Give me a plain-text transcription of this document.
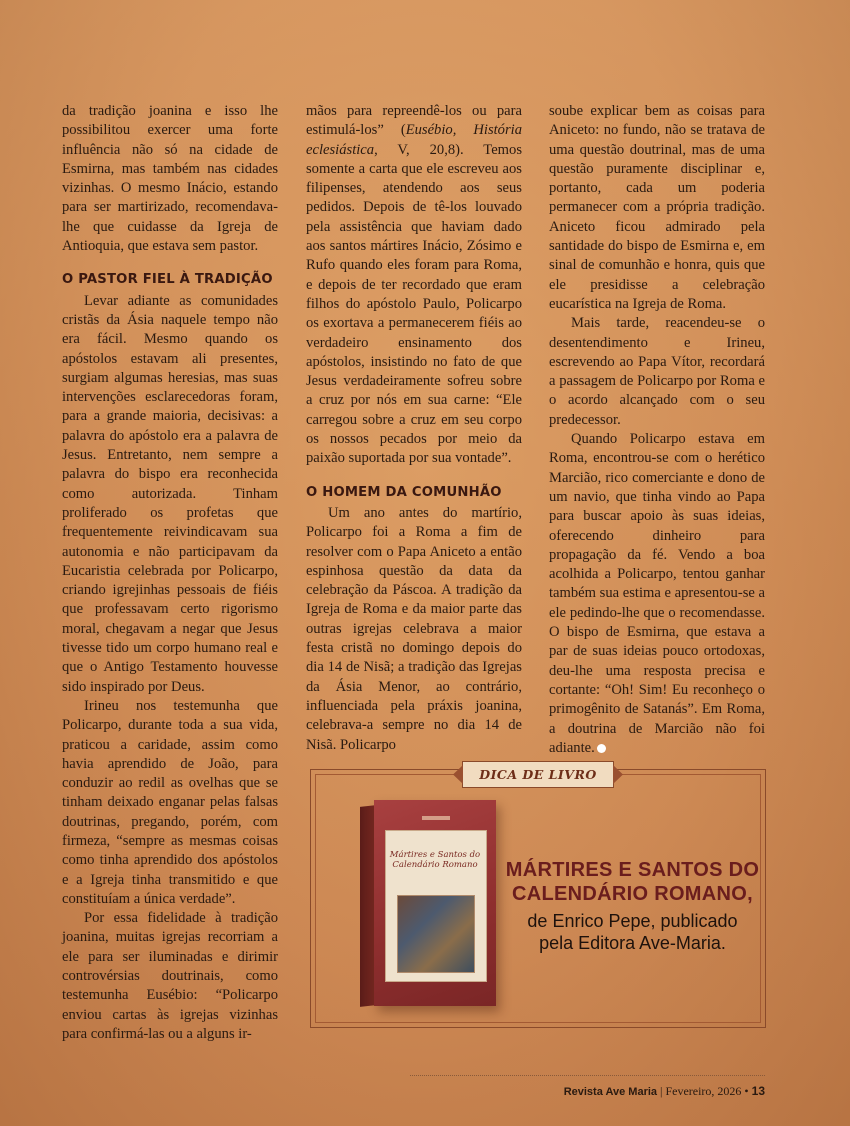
da tradição joanina e isso lhe possibilitou exercer uma forte influência não só na cidade de Esmirna, mas também nas cidades vizinhas. O mesmo Inácio, estando para ser martirizado, recomendava-lhe que cuidasse da Igreja de Antioquia, que estava sem pastor.

O PASTOR FIEL À TRADIÇÃO

Levar adiante as comunidades cristãs da Ásia naquele tempo não era fácil. Mesmo quando os apóstolos estavam ali presentes, surgiam algumas heresias, mas suas intervenções esclarecedoras foram, para a grande maioria, decisivas: a palavra do apóstolo era a palavra de Jesus. Entretanto, nem sempre a palavra do bispo era reconhecida como autorizada. Tinham proliferado os profetas que frequentemente reivindicavam sua autonomia e não participavam da Eucaristia celebrada por Policarpo, criando igrejinhas pessoais de fiéis que professavam certo rigorismo moral, chegavam a negar que Jesus tivesse tido um corpo humano real e que o Antigo Testamento houvesse sido inspirado por Deus.

Irineu nos testemunha que Policarpo, durante toda a sua vida, praticou a caridade, assim como havia aprendido de João, para conduzir ao redil as ovelhas que se tinham deixado enganar pelas falsas doutrinas, pregando, porém, com firmeza, “sempre as mesmas coisas como tinha aprendido dos apóstolos e a Igreja tinha transmitido e que constituíam a única verdade”.

Por essa fidelidade à tradição joanina, muitas igrejas recorriam a ele para ser iluminadas e dirimir controvérsias doutrinais, como testemunha Eusébio: “Policarpo enviou cartas às igrejas vizinhas para confirmá-las ou a alguns ir-

mãos para repreendê-los ou para estimulá-los” (Eusébio, História eclesiástica, V, 20,8). Temos somente a carta que ele escreveu aos filipenses, atendendo aos seus pedidos. Depois de tê-los louvado pela assistência que haviam dado aos santos mártires Inácio, Zósimo e Rufo quando eles foram para Roma, e depois de ter recordado que eram filhos do apóstolo Paulo, Policarpo os exortava a permanecerem fiéis ao verdadeiro ensinamento dos apóstolos, insistindo no fato de que Jesus verdadeiramente sofreu sobre a cruz por nós em sua carne: “Ele carregou sobre a cruz em seu corpo os nossos pecados por meio da paixão suportada por sua vontade”.

O HOMEM DA COMUNHÃO

Um ano antes do martírio, Policarpo foi a Roma a fim de resolver com o Papa Aniceto a então espinhosa questão da data da celebração da Páscoa. A tradição da Igreja de Roma e da maior parte das outras igrejas celebrava a maior festa cristã no domingo depois do dia 14 de Nisã; a tradição das Igrejas da Ásia Menor, ao contrário, influenciada pela práxis joanina, celebrava-a sempre no dia 14 de Nisã. Policarpo

soube explicar bem as coisas para Aniceto: no fundo, não se tratava de uma questão doutrinal, mas de uma questão puramente disciplinar e, portanto, cada um poderia permanecer com a própria tradição. Aniceto ficou admirado pela santidade do bispo de Esmirna e, em sinal de comunhão e honra, quis que ele presidisse a celebração eucarística na Igreja de Roma.

Mais tarde, reacendeu-se o desentendimento e Irineu, escrevendo ao Papa Vítor, recordará a passagem de Policarpo por Roma e o acordo alcançado com o seu predecessor.

Quando Policarpo estava em Roma, encontrou-se com o herético Marcião, rico comerciante e dono de um navio, que tinha vindo ao Papa para buscar apoio às suas ideias, oferecendo dinheiro para propagação da fé. Vendo a boa acolhida a Policarpo, tentou ganhar também sua estima e apresentou-se a ele pedindo-lhe que o recomendasse. O bispo de Esmirna, que estava a par de suas ideias pouco ortodoxas, deu-lhe uma resposta precisa e cortante: “Oh! Sim! Eu reconheço o primogênito de Satanás”. Em Roma, a doutrina de Marcião não foi adiante.

DICA DE LIVRO
Mártires e Santos do Calendário Romano MÁRTIRES E SANTOS DO
CALENDÁRIO ROMANO,
de Enrico Pepe, publicado
pela Editora Ave-Maria.
Revista Ave Maria | Fevereiro, 2026 • 13
